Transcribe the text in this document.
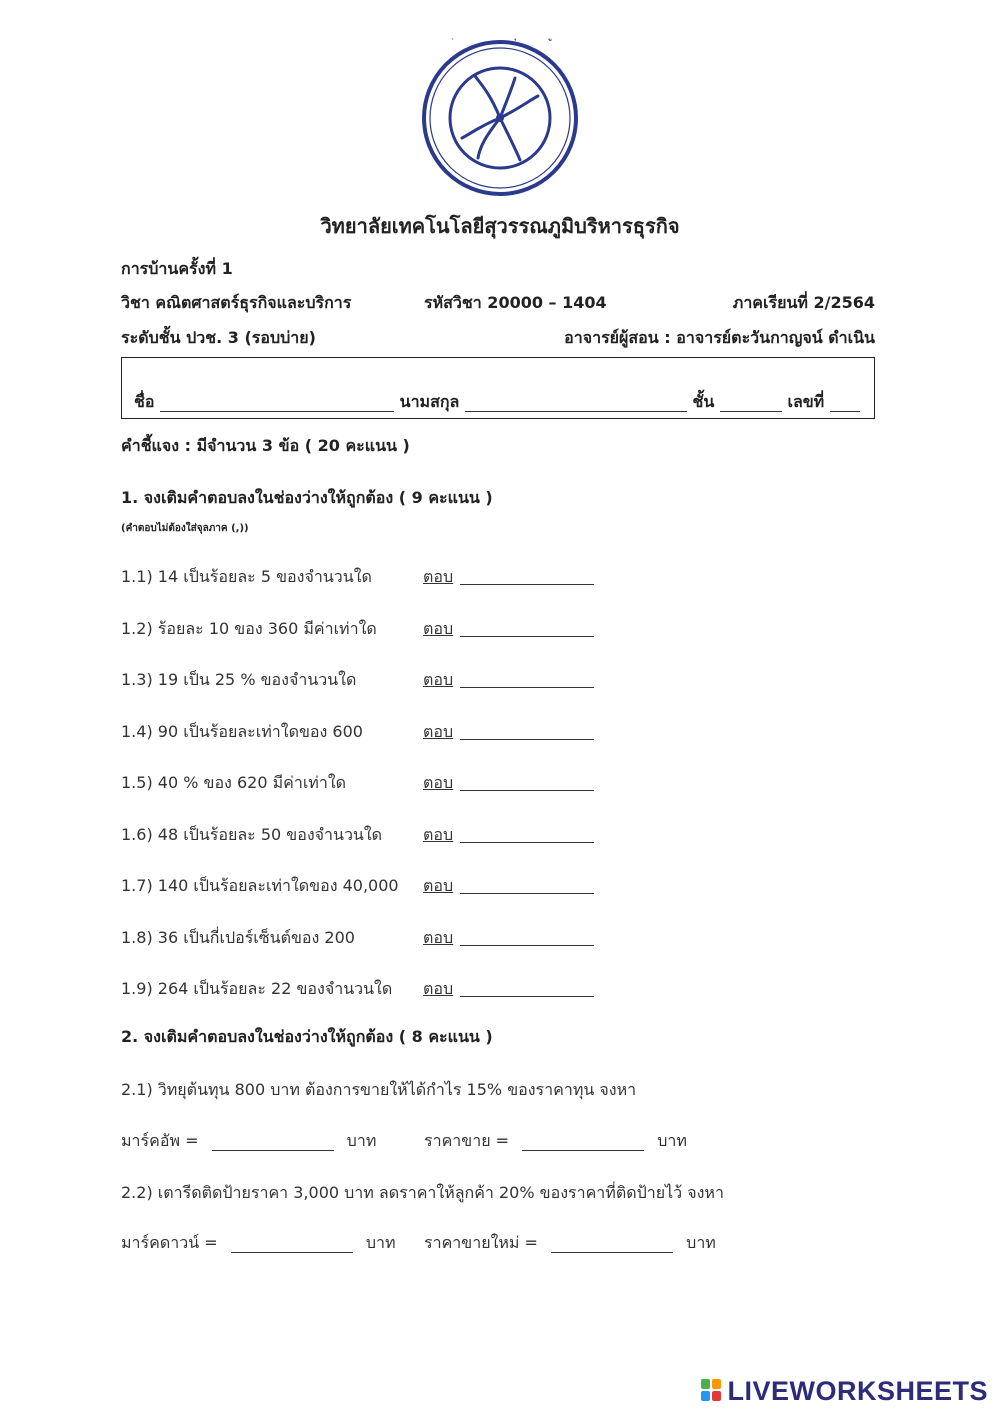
วิทยาลัยเทคโนโลยีสุวรรณภูมิบริหารธุรกิจ
การบ้านครั้งที่ 1
วิชา คณิตศาสตร์ธุรกิจและบริการ	รหัสวิชา 20000 – 1404	ภาคเรียนที่ 2/2564
ระดับชั้น ปวช. 3 (รอบบ่าย)	อาจารย์ผู้สอน : อาจารย์ตะวันกาญจน์ ดำเนิน
ชื่อ	นามสกุล	ชั้น	เลขที่
คำชี้แจง : มีจำนวน 3 ข้อ ( 20 คะแนน )
1. จงเติมคำตอบลงในช่องว่างให้ถูกต้อง ( 9 คะแนน )
(คำตอบไม่ต้องใส่จุลภาค (,))
1.1) 14 เป็นร้อยละ 5 ของจำนวนใด	ตอบ
1.2) ร้อยละ 10 ของ 360 มีค่าเท่าใด	ตอบ
1.3) 19 เป็น 25 % ของจำนวนใด	ตอบ
1.4) 90 เป็นร้อยละเท่าใดของ 600	ตอบ
1.5) 40 % ของ 620 มีค่าเท่าใด	ตอบ
1.6) 48 เป็นร้อยละ 50 ของจำนวนใด	ตอบ
1.7) 140 เป็นร้อยละเท่าใดของ 40,000 ตอบ
1.8) 36 เป็นกี่เปอร์เซ็นต์ของ 200	ตอบ
1.9) 264 เป็นร้อยละ 22 ของจำนวนใด ตอบ
2. จงเติมคำตอบลงในช่องว่างให้ถูกต้อง ( 8 คะแนน )
2.1) วิทยุต้นทุน 800 บาท ต้องการขายให้ได้กำไร 15% ของราคาทุน จงหา
มาร์คอัพ =	บาท	ราคาขาย =	บาท
2.2) เตารีดติดป้ายราคา 3,000 บาท ลดราคาให้ลูกค้า 20% ของราคาที่ติดป้ายไว้ จงหา
มาร์คดาวน์ =	บาท ราคาขายใหม่ =	บาท
LIVEWORKSHEETS
